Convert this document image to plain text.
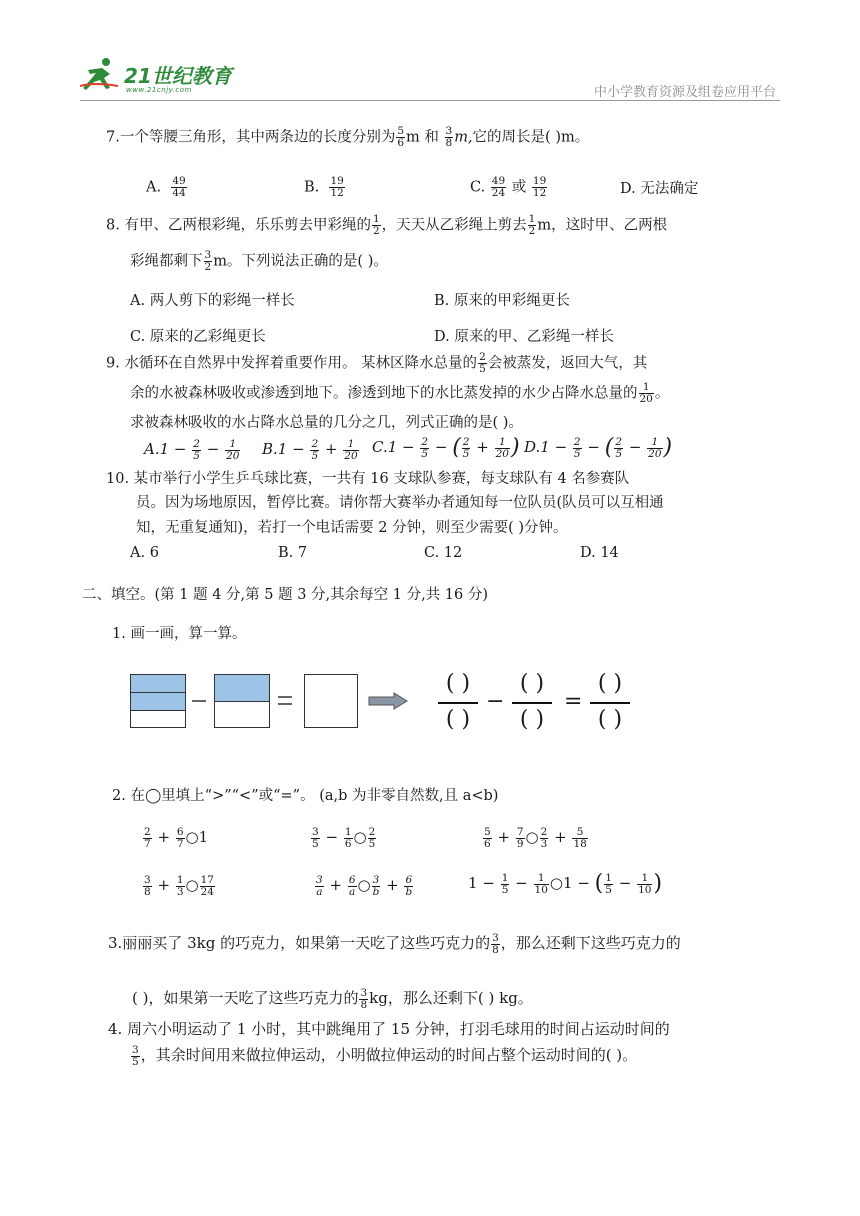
21世纪教育
www.21cnjy.com	中小学教育资源及组卷应用平台
7.一个等腰三角形，其中两条边的长度分别为 $\frac{5}{6}$ m 和 $\frac{3}{8} m$,它的周长是( )m。
A. $\frac{49}{44}$	B. $\frac{19}{12}$	C. $\frac{49}{24}$ 或 $\frac{19}{12}$	D. 无法确定
8. 有甲、乙两根彩绳，乐乐剪去甲彩绳的 $\frac{1}{2}$ ，天天从乙彩绳上剪去 $\frac{1}{2}$ m，这时甲、乙两根
彩绳都剩下 $\frac{3}{2}$ m。下列说法正确的是( )。
A. 两人剪下的彩绳一样长	B. 原来的甲彩绳更长
C. 原来的乙彩绳更长	D. 原来的甲、乙彩绳一样长
9. 水循环在自然界中发挥着重要作用。 某林区降水总量的 $\frac{2}{5}$ 会被蒸发，返回大气，其
余的水被森林吸收或渗透到地下。渗透到地下的水比蒸发掉的水少占降水总量的 $\frac{1}{20}$ 。
求被森林吸收的水占降水总量的几分之几，列式正确的是( )。
$A.1 - \frac{2}{5} - \frac{1}{20} B.1 - \frac{2}{5} + \frac{1}{20} C.1 - \frac{2}{5}$ − ( $\frac{2}{5} + \frac{1}{20}$ ) $D.1 - \frac{2}{5}$ − ( $\frac{2}{5} - \frac{1}{20}$ )
10. 某市举行小学生乒乓球比赛，一共有 16 支球队参赛，每支球队有 4 名参赛队
员。因为场地原因，暂停比赛。请你帮大赛举办者通知每一位队员(队员可以互相通
知，无重复通知)，若打一个电话需要 2 分钟，则至少需要( )分钟。
A. 6	B. 7	C. 12	D. 14
二、填空。(第 1 题 4 分,第 5 题 3 分,其余每空 1 分,共 16 分)
1. 画一画，算一算。
( )
( )
−
( )
( )
=
( )
( )
2. 在◯里填上“>”“<”或“=”。 (a,b 为非零自然数,且 a<b)
$\frac{2}{7} + \frac{6}{7}$ ○1	$\frac{3}{5} - \frac{1}{6}$ ○ $\frac{2}{5}$	$\frac{5}{6} + \frac{7}{9}$ ○ $\frac{2}{3} + \frac{5}{18}$
$\frac{3}{8} + \frac{1}{3}$ ○ $\frac{17}{24}$	$\frac{3}{a} + \frac{6}{a}$ ○ $\frac{3}{b} + \frac{6}{b}$	$1 - \frac{1}{5} - \frac{1}{10}$ ○1 − ( $\frac{1}{5} - \frac{1}{10}$ )
3.丽丽买了 3kg 的巧克力，如果第一天吃了这些巧克力的 $\frac{3}{8}$ ，那么还剩下这些巧克力的
( )，如果第一天吃了这些巧克力的 $\frac{3}{8}$ kg，那么还剩下( ) kg。
4. 周六小明运动了 1 小时，其中跳绳用了 15 分钟，打羽毛球用的时间占运动时间的
$\frac{3}{5}$ ，其余时间用来做拉伸运动，小明做拉伸运动的时间占整个运动时间的( )。
